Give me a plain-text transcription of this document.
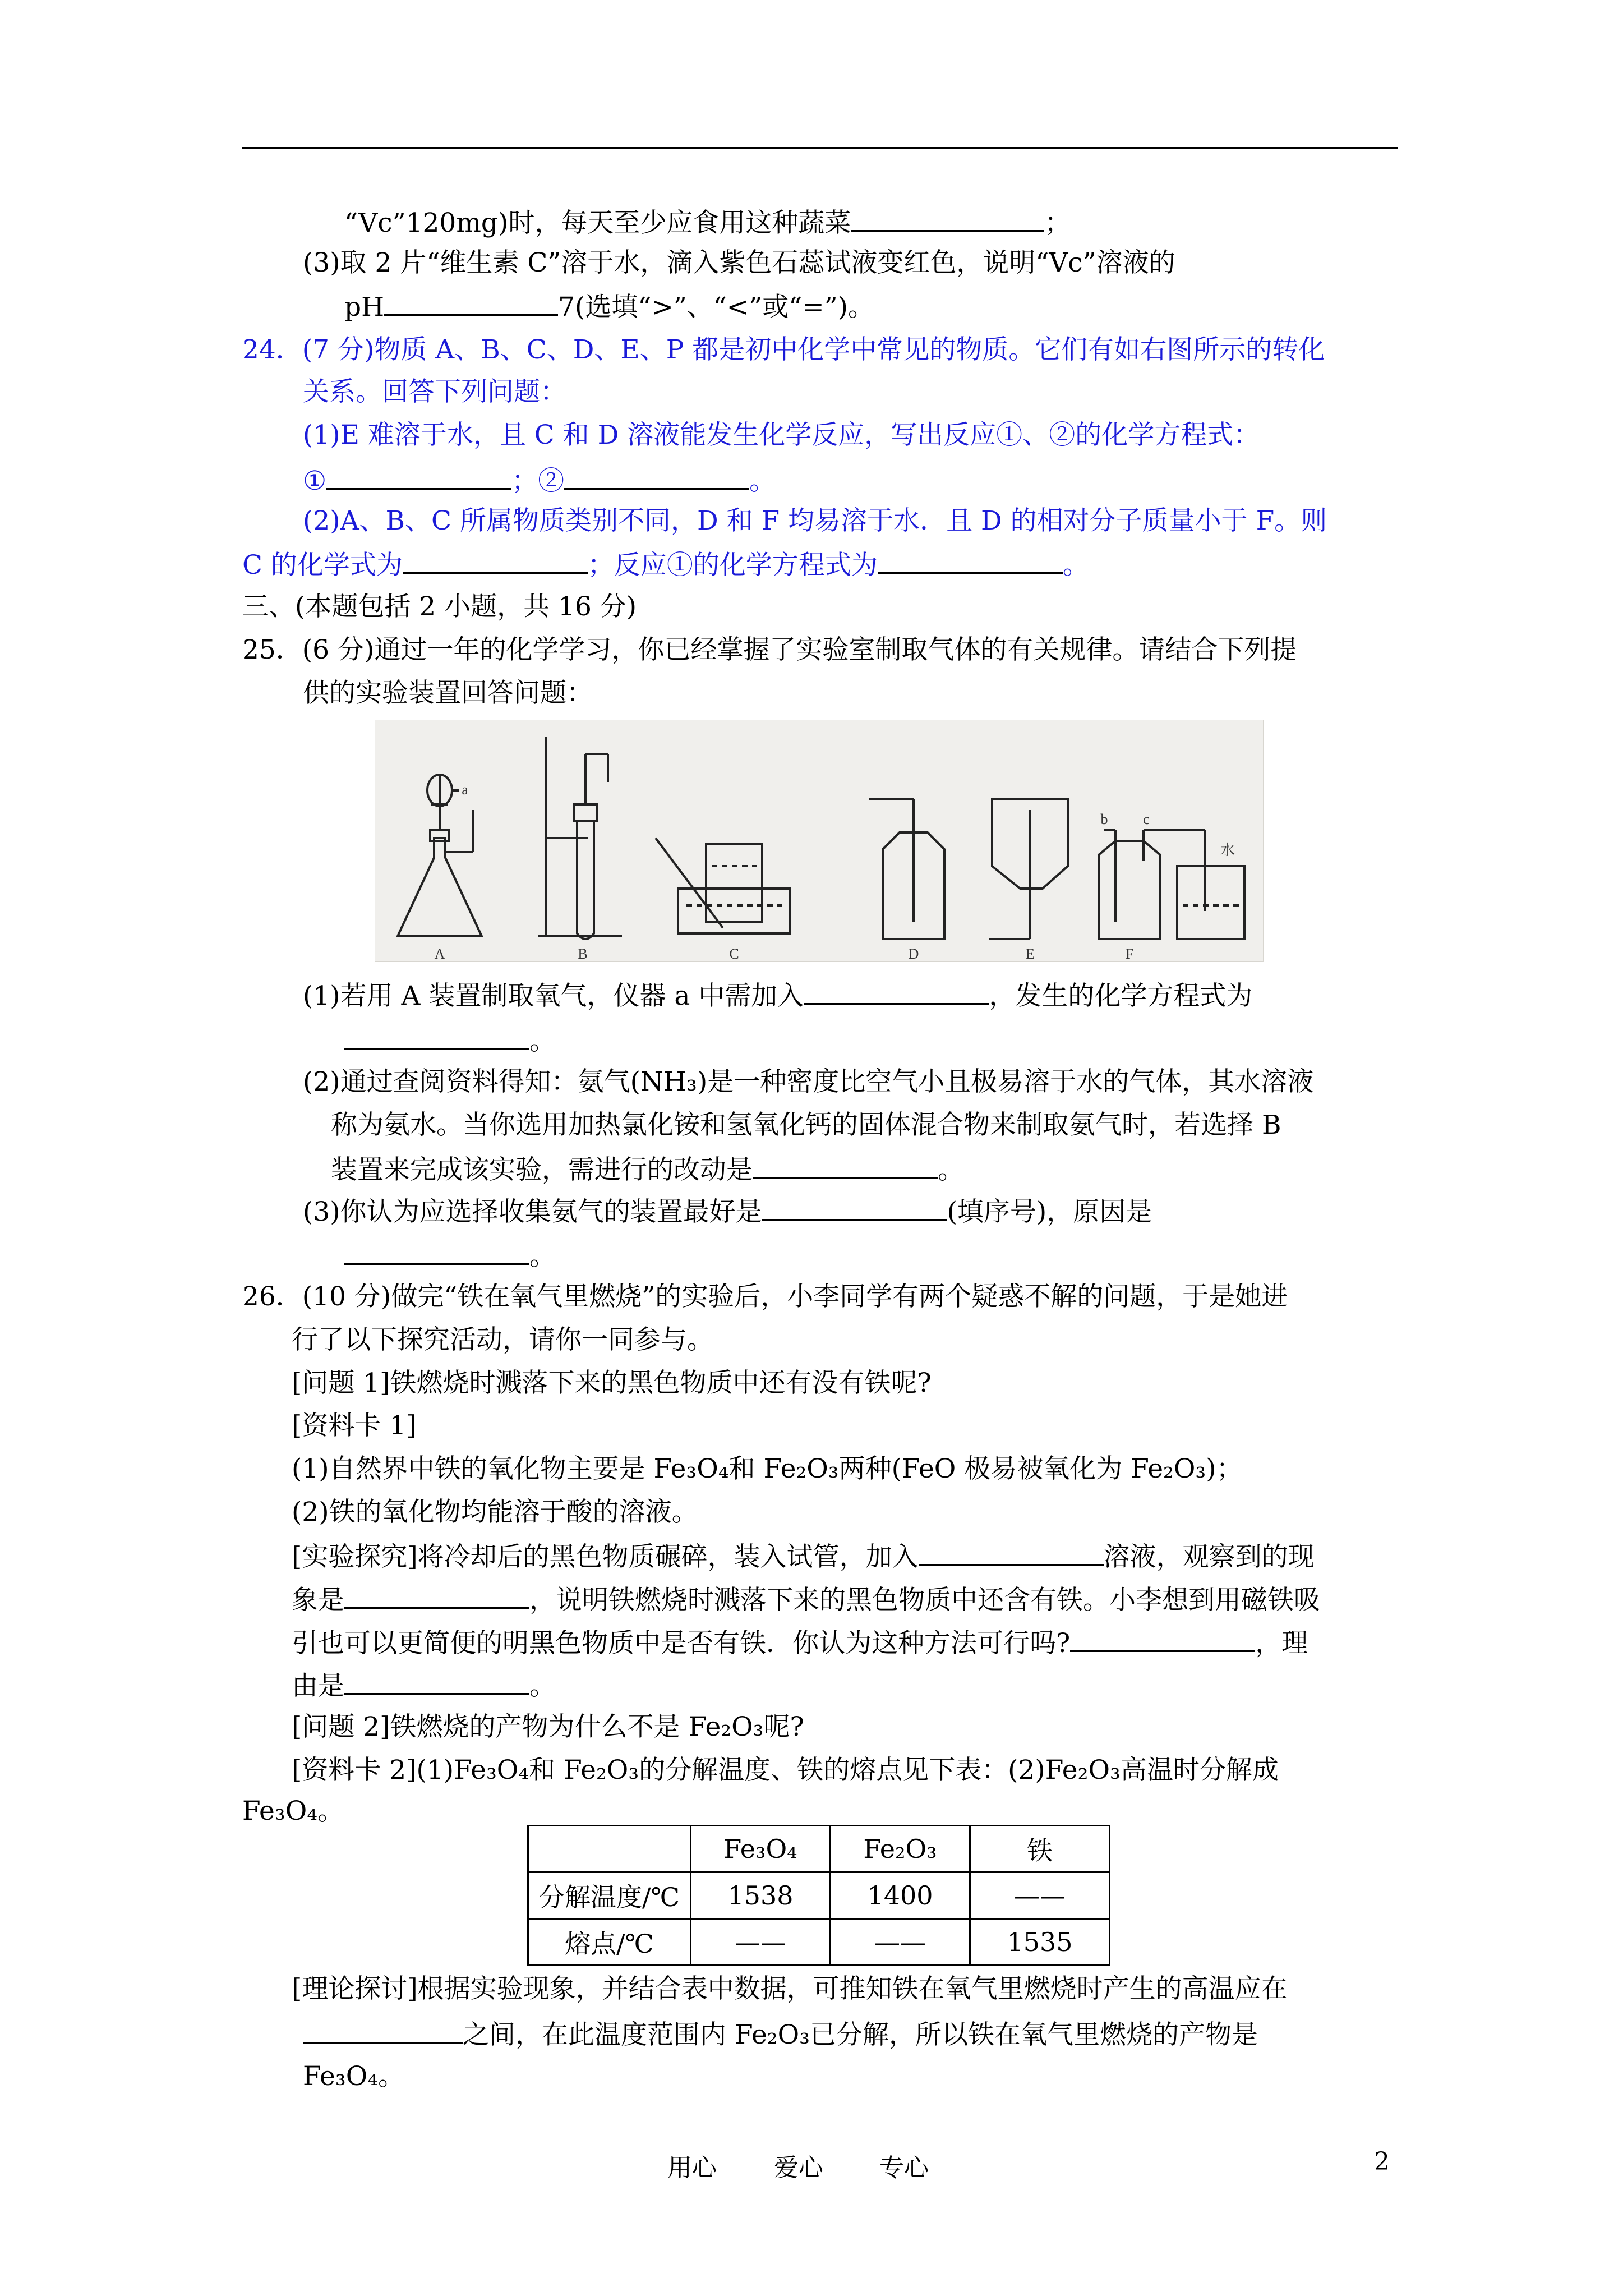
“Vc”120mg)时，每天至少应食用这种蔬菜	；
(3)取 2 片“维生素 C”溶于水，滴入紫色石蕊试液变红色，说明“Vc”溶液的
pH	7(选填“>”、“<”或“=”)。
24．(7 分)物质 A、B、C、D、E、P 都是初中化学中常见的物质。它们有如右图所示的转化
关系。回答下列问题：
(1)E 难溶于水，且 C 和 D 溶液能发生化学反应，写出反应①、②的化学方程式：
①	；②	。
(2)A、B、C 所属物质类别不同，D 和 F 均易溶于水．且 D 的相对分子质量小于 F。则
C 的化学式为	；反应①的化学方程式为	。
三、(本题包括 2 小题，共 16 分)
25．(6 分)通过一年的化学学习，你已经掌握了实验室制取气体的有关规律。请结合下列提
供的实验装置回答问题：
A	B	C	D	E	F
a
b c
水
(1)若用 A 装置制取氧气，仪器 a 中需加入	，发生的化学方程式为
。
(2)通过查阅资料得知：氨气(NH₃)是一种密度比空气小且极易溶于水的气体，其水溶液
称为氨水。当你选用加热氯化铵和氢氧化钙的固体混合物来制取氨气时，若选择 B
装置来完成该实验，需进行的改动是	。
(3)你认为应选择收集氨气的装置最好是	(填序号)，原因是
。
26．(10 分)做完“铁在氧气里燃烧”的实验后，小李同学有两个疑惑不解的问题，于是她进
行了以下探究活动，请你一同参与。
[问题 1]铁燃烧时溅落下来的黑色物质中还有没有铁呢?
[资料卡 1]
(1)自然界中铁的氧化物主要是 Fe₃O₄和 Fe₂O₃两种(FeO 极易被氧化为 Fe₂O₃)；
(2)铁的氧化物均能溶于酸的溶液。
[实验探究]将冷却后的黑色物质碾碎，装入试管，加入	溶液，观察到的现
象是	，说明铁燃烧时溅落下来的黑色物质中还含有铁。小李想到用磁铁吸
引也可以更简便的明黑色物质中是否有铁．你认为这种方法可行吗?	，理
由是	。
[问题 2]铁燃烧的产物为什么不是 Fe₂O₃呢?
[资料卡 2](1)Fe₃O₄和 Fe₂O₃的分解温度、铁的熔点见下表：(2)Fe₂O₃高温时分解成
Fe₃O₄。
	Fe₃O₄	Fe₂O₃	铁
分解温度/℃	1538	1400	——
熔点/℃	——	——	1535
[理论探讨]根据实验现象，并结合表中数据，可推知铁在氧气里燃烧时产生的高温应在
之间，在此温度范围内 Fe₂O₃已分解，所以铁在氧气里燃烧的产物是
Fe₃O₄。
用心 爱心 专心	2
